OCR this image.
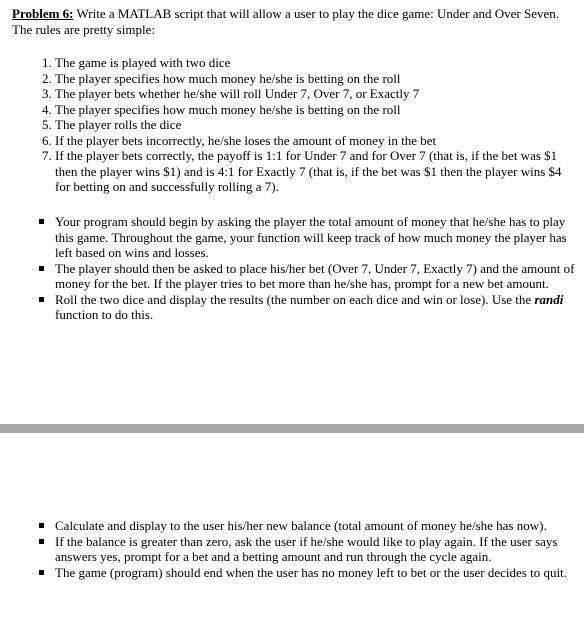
Problem 6: Write a MATLAB script that will allow a user to play the dice game: Under and Over Seven. The rules are pretty simple:
1. The game is played with two dice
2. The player specifies how much money he/she is betting on the roll
3. The player bets whether he/she will roll Under 7, Over 7, or Exactly 7
4. The player specifies how much money he/she is betting on the roll
5. The player rolls the dice
6. If the player bets incorrectly, he/she loses the amount of money in the bet
7. If the player bets correctly, the payoff is 1:1 for Under 7 and for Over 7 (that is, if the bet was $1 then the player wins $1) and is 4:1 for Exactly 7 (that is, if the bet was $1 then the player wins $4 for betting on and successfully rolling a 7).
Your program should begin by asking the player the total amount of money that he/she has to play this game. Throughout the game, your function will keep track of how much money the player has left based on wins and losses.
The player should then be asked to place his/her bet (Over 7, Under 7, Exactly 7) and the amount of money for the bet. If the player tries to bet more than he/she has, prompt for a new bet amount.
Roll the two dice and display the results (the number on each dice and win or lose). Use the randi function to do this.
Calculate and display to the user his/her new balance (total amount of money he/she has now).
If the balance is greater than zero, ask the user if he/she would like to play again. If the user says answers yes, prompt for a bet and a betting amount and run through the cycle again.
The game (program) should end when the user has no money left to bet or the user decides to quit.
